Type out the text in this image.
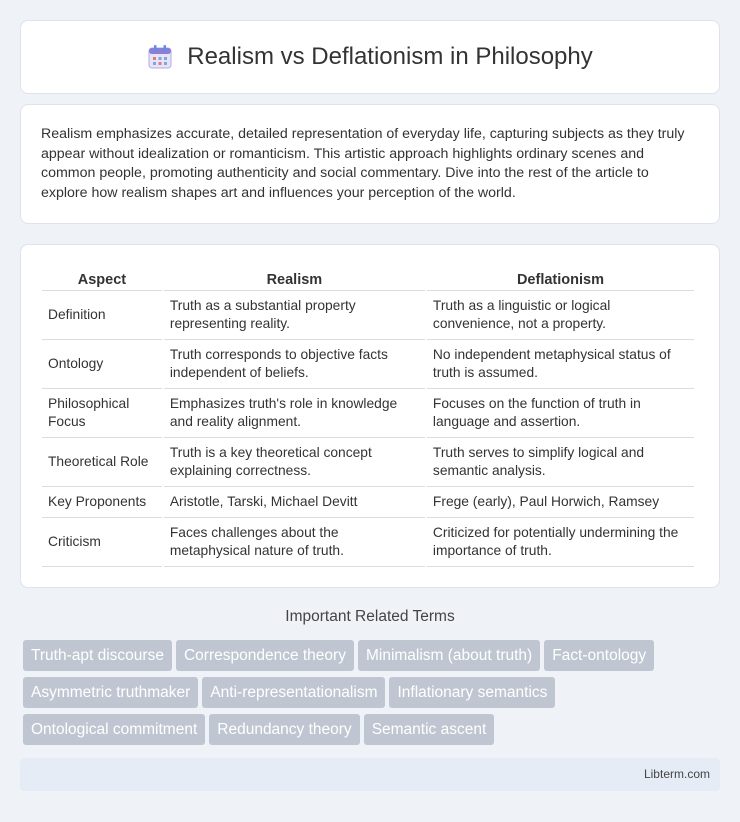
Realism vs Deflationism in Philosophy

Realism emphasizes accurate, detailed representation of everyday life, capturing subjects as they truly appear without idealization or romanticism. This artistic approach highlights ordinary scenes and common people, promoting authenticity and social commentary. Dive into the rest of the article to explore how realism shapes art and influences your perception of the world.

Aspect	Realism	Deflationism
Definition	Truth as a substantial property representing reality.	Truth as a linguistic or logical convenience, not a property.
Ontology	Truth corresponds to objective facts independent of beliefs.	No independent metaphysical status of truth is assumed.
Philosophical Focus	Emphasizes truth's role in knowledge and reality alignment.	Focuses on the function of truth in language and assertion.
Theoretical Role	Truth is a key theoretical concept explaining correctness.	Truth serves to simplify logical and semantic analysis.
Key Proponents	Aristotle, Tarski, Michael Devitt	Frege (early), Paul Horwich, Ramsey
Criticism	Faces challenges about the metaphysical nature of truth.	Criticized for potentially undermining the importance of truth.
Important Related Terms
Truth-apt discourse Correspondence theory Minimalism (about truth) Fact-ontology
Asymmetric truthmaker Anti-representationalism Inflationary semantics
Ontological commitment Redundancy theory Semantic ascent
Libterm.com
